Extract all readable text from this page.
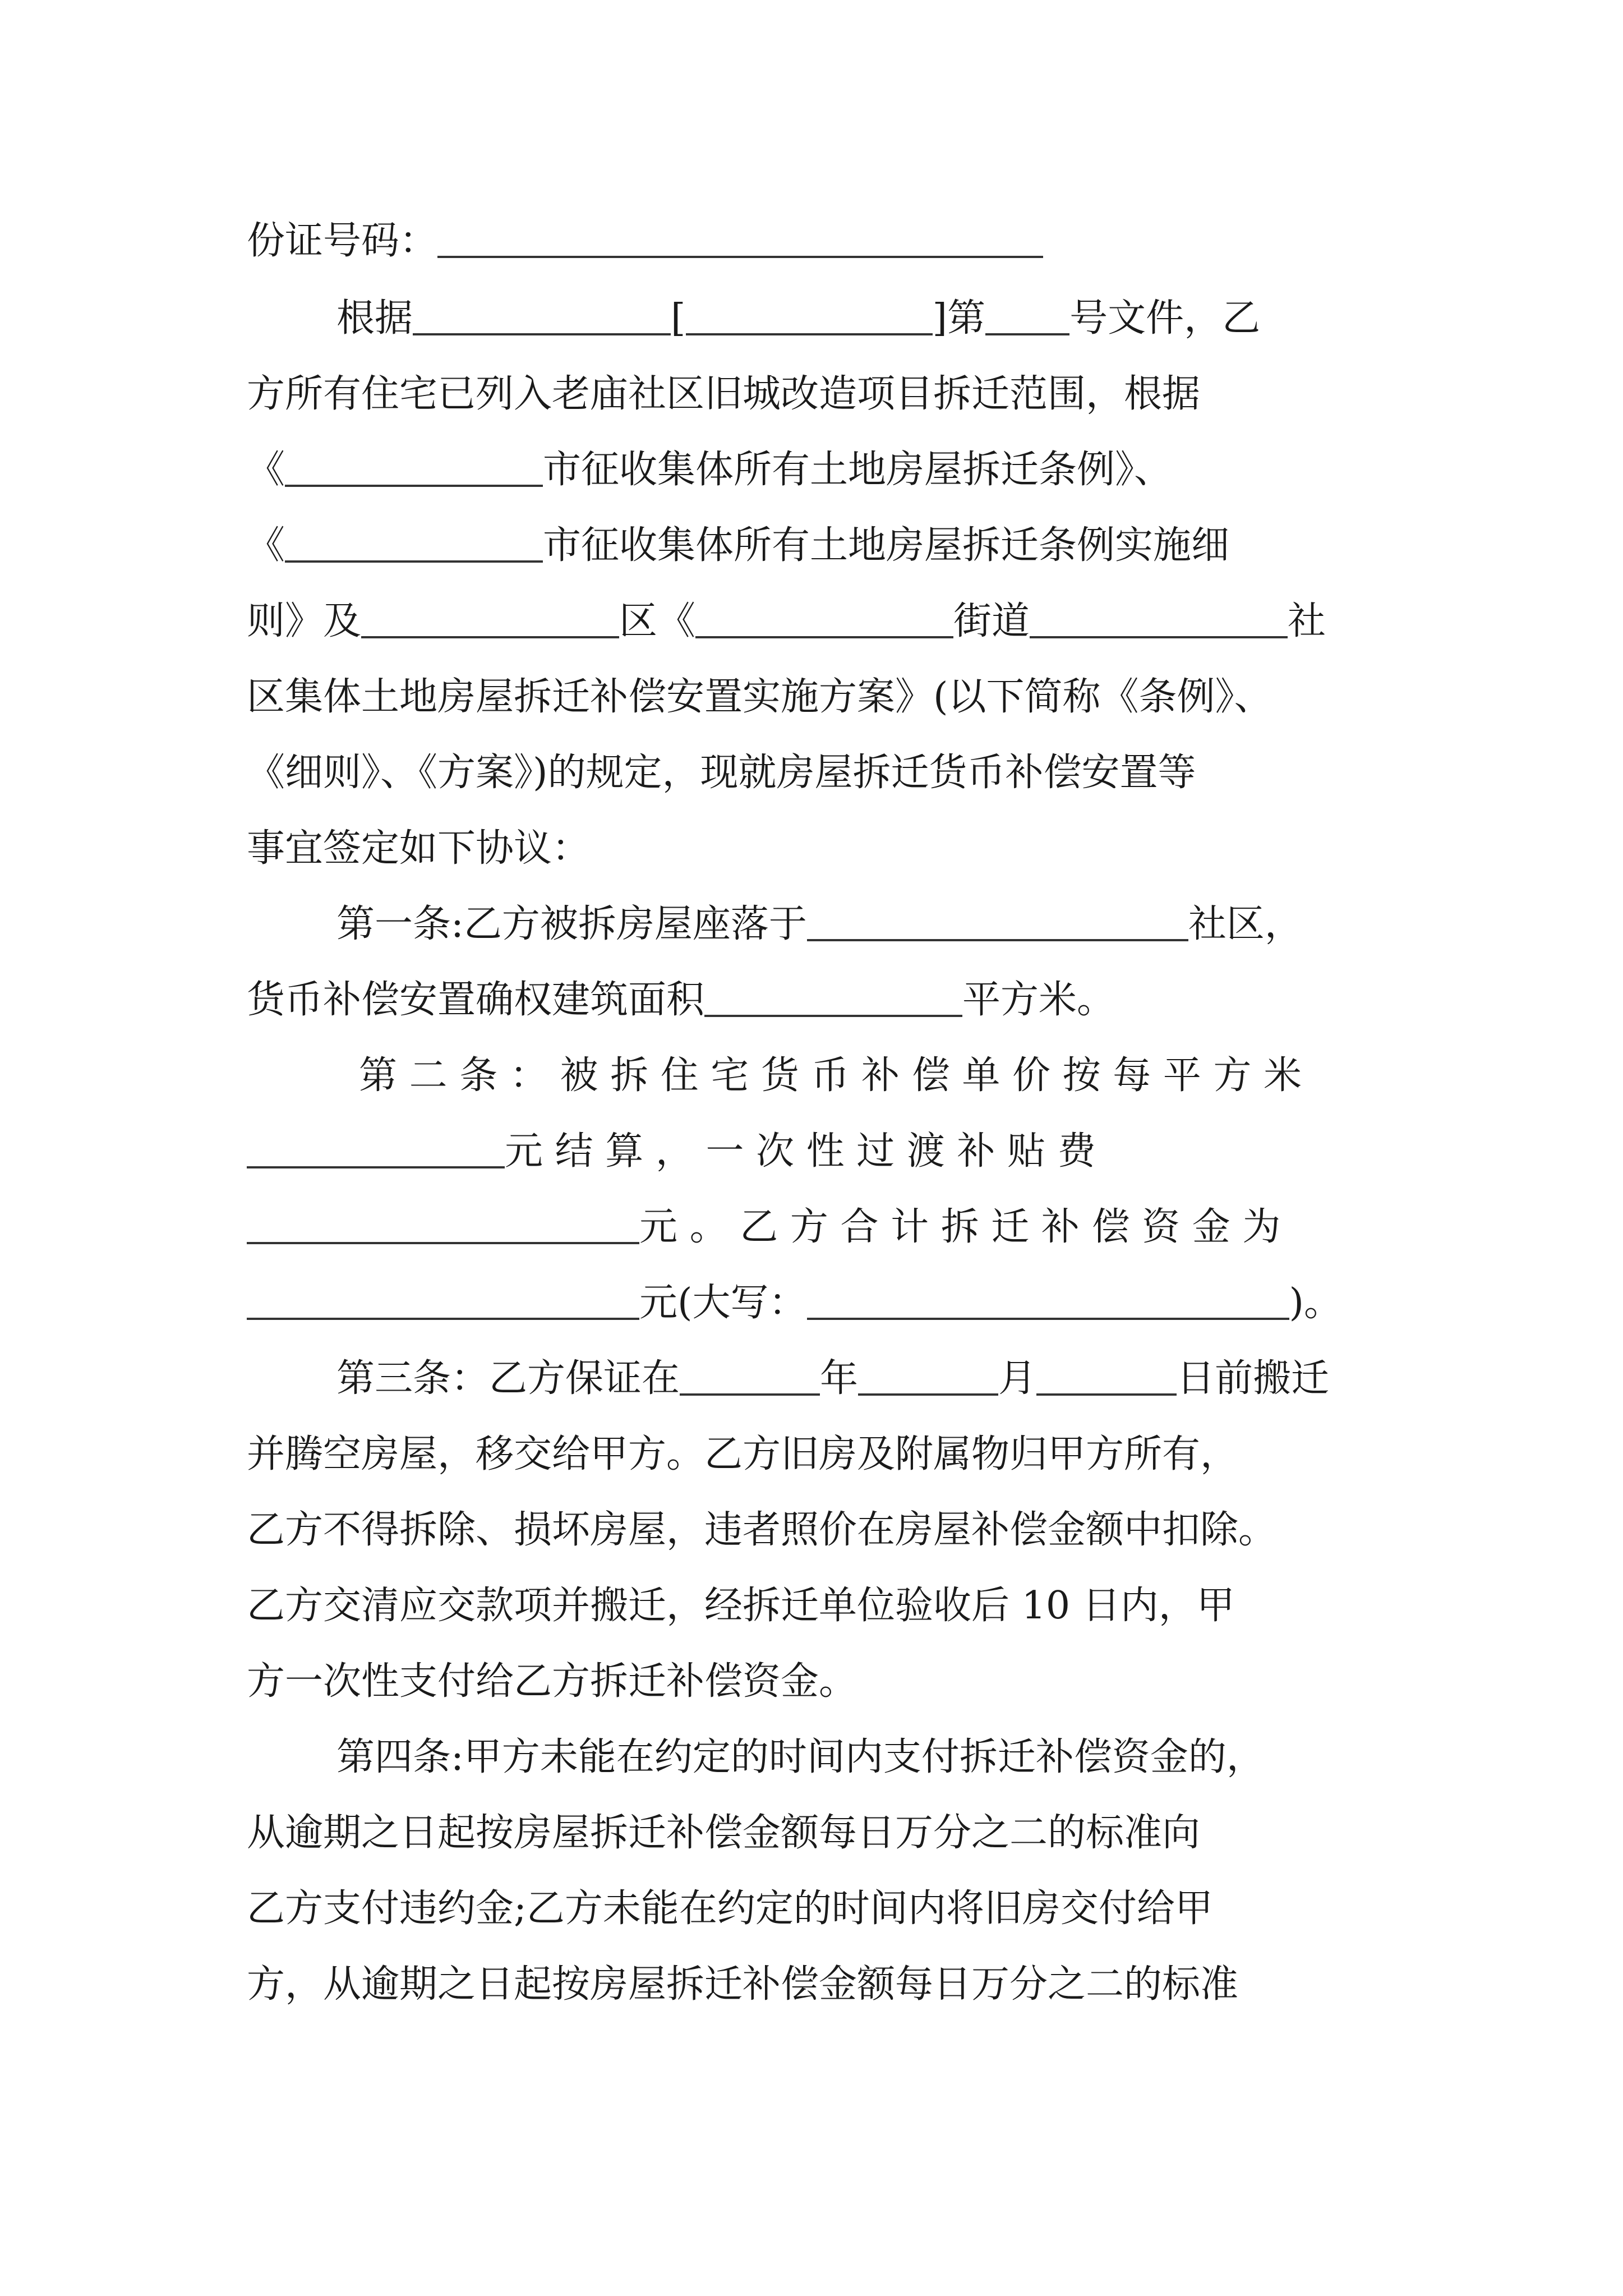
份证号码：
根据	[	]第 号文件，乙
方所有住宅已列入老庙社区旧城改造项目拆迁范围，根据
《	市征收集体所有土地房屋拆迁条例》、
《	市征收集体所有土地房屋拆迁条例实施细
则》及	区《	街道	社
区集体土地房屋拆迁补偿安置实施方案》(以下简称《条例》、
《细则》、《方案》)的规定，现就房屋拆迁货币补偿安置等
事宜签定如下协议：
第一条:乙方被拆房屋座落于	社区，
货币补偿安置确权建筑面积	平方米。
第 二 条 ： 被 拆 住 宅 货 币 补 偿 单 价 按 每 平 方 米
元 结 算 ， 一 次 性 过 渡 补 贴 费
元 。 乙 方 合 计 拆 迁 补 偿 资 金 为
元(大写：	)。
第三条：乙方保证在	年	月	日前搬迁
并腾空房屋，移交给甲方。乙方旧房及附属物归甲方所有，
乙方不得拆除、损坏房屋，违者照价在房屋补偿金额中扣除。
乙方交清应交款项并搬迁，经拆迁单位验收后 10 日内，甲
方一次性支付给乙方拆迁补偿资金。
第四条:甲方未能在约定的时间内支付拆迁补偿资金的，
从逾期之日起按房屋拆迁补偿金额每日万分之二的标准向
乙方支付违约金;乙方未能在约定的时间内将旧房交付给甲
方，从逾期之日起按房屋拆迁补偿金额每日万分之二的标准
